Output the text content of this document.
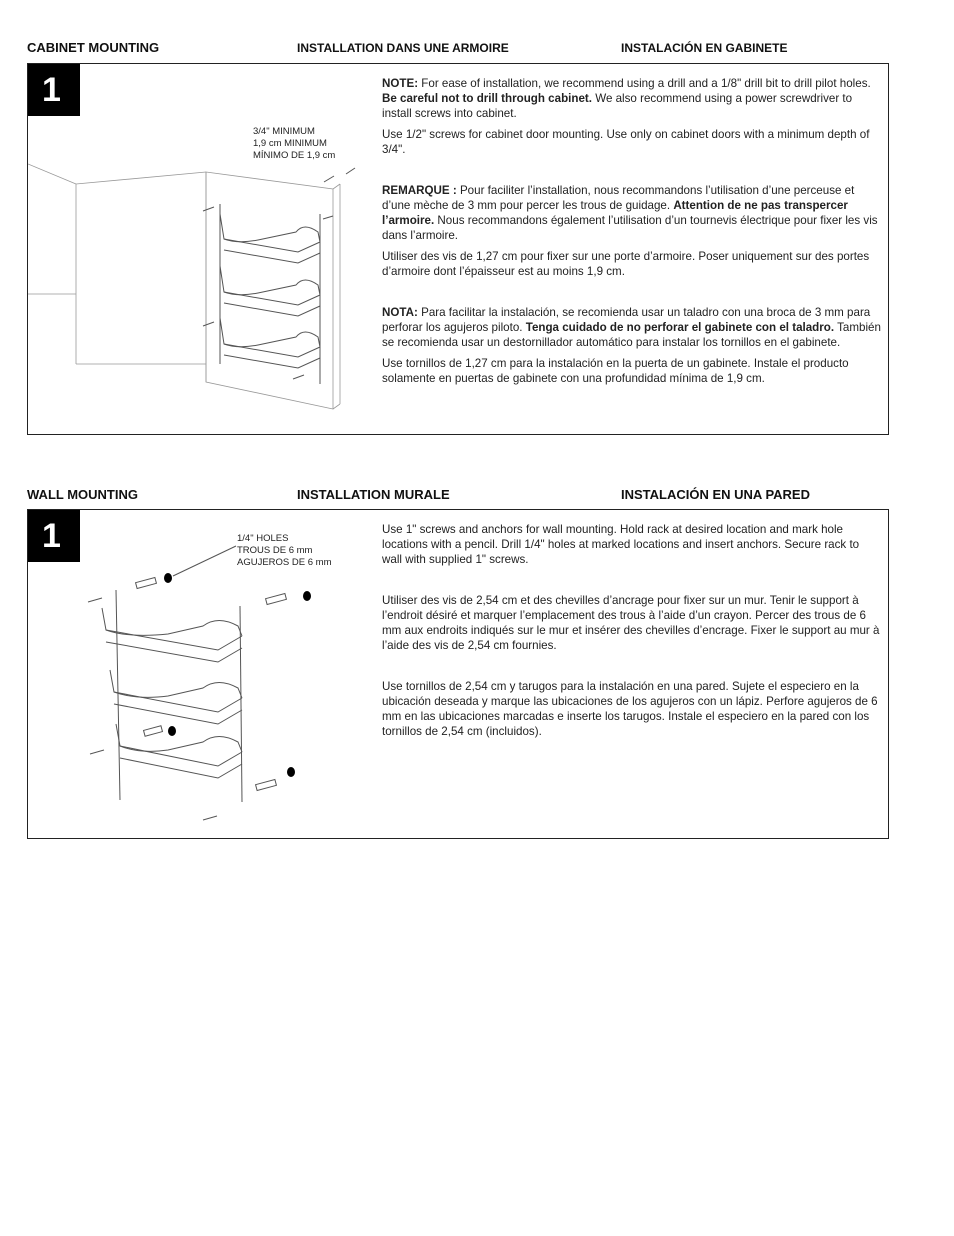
CABINET MOUNTING	INSTALLATION DANS UNE ARMOIRE	INSTALACIÓN EN GABINETE
1
3/4" MINIMUM
1,9 cm MINIMUM
MÍNIMO DE 1,9 cm

NOTE: For ease of installation, we recommend using a drill and a 1/8" drill bit to drill pilot holes. Be careful not to drill through cabinet. We also recommend using a power screwdriver to install screws into cabinet.

Use 1/2" screws for cabinet door mounting. Use only on cabinet doors with a minimum depth of 3/4".

REMARQUE : Pour faciliter l’installation, nous recommandons l’utilisation d’une perceuse et d’une mèche de 3 mm pour percer les trous de guidage. Attention de ne pas transpercer l’armoire. Nous recommandons également l’utilisation d’un tournevis électrique pour fixer les vis dans l’armoire.

Utiliser des vis de 1,27 cm pour fixer sur une porte d’armoire. Poser uniquement sur des portes d’armoire dont l’épaisseur est au moins 1,9 cm.

NOTA: Para facilitar la instalación, se recomienda usar un taladro con una broca de 3 mm para perforar los agujeros piloto. Tenga cuidado de no perforar el gabinete con el taladro. También se recomienda usar un destornillador automático para instalar los tornillos en el gabinete.

Use tornillos de 1,27 cm para la instalación en la puerta de un gabinete. Instale el producto solamente en puertas de gabinete con una profundidad mínima de 1,9 cm.

WALL MOUNTING	INSTALLATION MURALE	INSTALACIÓN EN UNA PARED
1	1/4" HOLES
TROUS DE 6 mm
AGUJEROS DE 6 mm

Use 1" screws and anchors for wall mounting. Hold rack at desired location and mark hole locations with a pencil. Drill 1/4" holes at marked locations and insert anchors. Secure rack to wall with supplied 1" screws.

Utiliser des vis de 2,54 cm et des chevilles d’ancrage pour fixer sur un mur. Tenir le support à l’endroit désiré et marquer l’emplacement des trous à l’aide d’un crayon. Percer des trous de 6 mm aux endroits indiqués sur le mur et insérer des chevilles d’encrage. Fixer le support au mur à l’aide des vis de 2,54 cm fournies.

Use tornillos de 2,54 cm y tarugos para la instalación en una pared. Sujete el especiero en la ubicación deseada y marque las ubicaciones de los agujeros con un lápiz. Perfore agujeros de 6 mm en las ubicaciones marcadas e inserte los tarugos. Instale el especiero en la pared con los tornillos de 2,54 cm (incluidos).
